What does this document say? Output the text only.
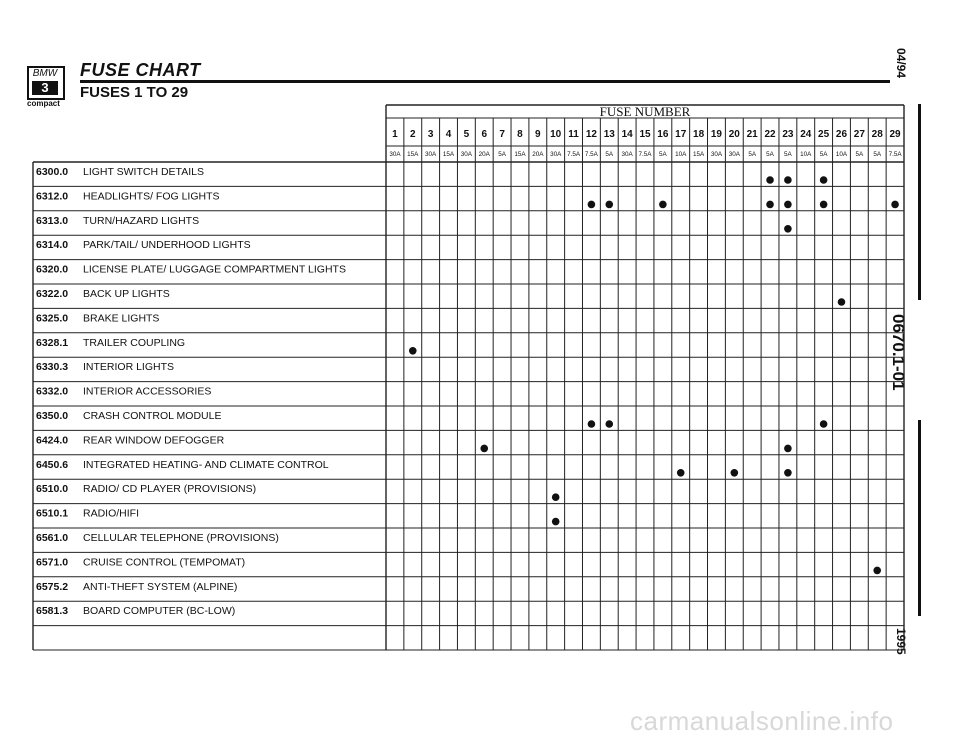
BMW
3
compact
FUSE CHART
FUSES 1 TO 29
04/94
0670.1-01
1995
FUSE NUMBER
1 2 3 4 5 6 7 8 9 10 11 12 13 14 15 16 17 18 19 20 21 22 23 24 25 26 27 28 29
30A 15A 30A 15A 30A 20A 5A 15A 20A 30A 7.5A 7.5A 5A 30A 7.5A 5A 10A 15A 30A 30A 5A 5A 5A 10A 5A 10A 5A 5A 7.5A
6300.0 LIGHT SWITCH DETAILS
6312.0 HEADLIGHTS/ FOG LIGHTS
6313.0 TURN/HAZARD LIGHTS
6314.0 PARK/TAIL/ UNDERHOOD LIGHTS
6320.0 LICENSE PLATE/ LUGGAGE COMPARTMENT LIGHTS
6322.0 BACK UP LIGHTS
6325.0 BRAKE LIGHTS
6328.1 TRAILER COUPLING
6330.3 INTERIOR LIGHTS
6332.0 INTERIOR ACCESSORIES
6350.0 CRASH CONTROL MODULE
6424.0 REAR WINDOW DEFOGGER
6450.6 INTEGRATED HEATING- AND CLIMATE CONTROL
6510.0 RADIO/ CD PLAYER (PROVISIONS)
6510.1 RADIO/HIFI
6561.0 CELLULAR TELEPHONE (PROVISIONS)
6571.0 CRUISE CONTROL (TEMPOMAT)
6575.2 ANTI-THEFT SYSTEM (ALPINE)
6581.3 BOARD COMPUTER (BC-LOW)
carmanualsonline.info
